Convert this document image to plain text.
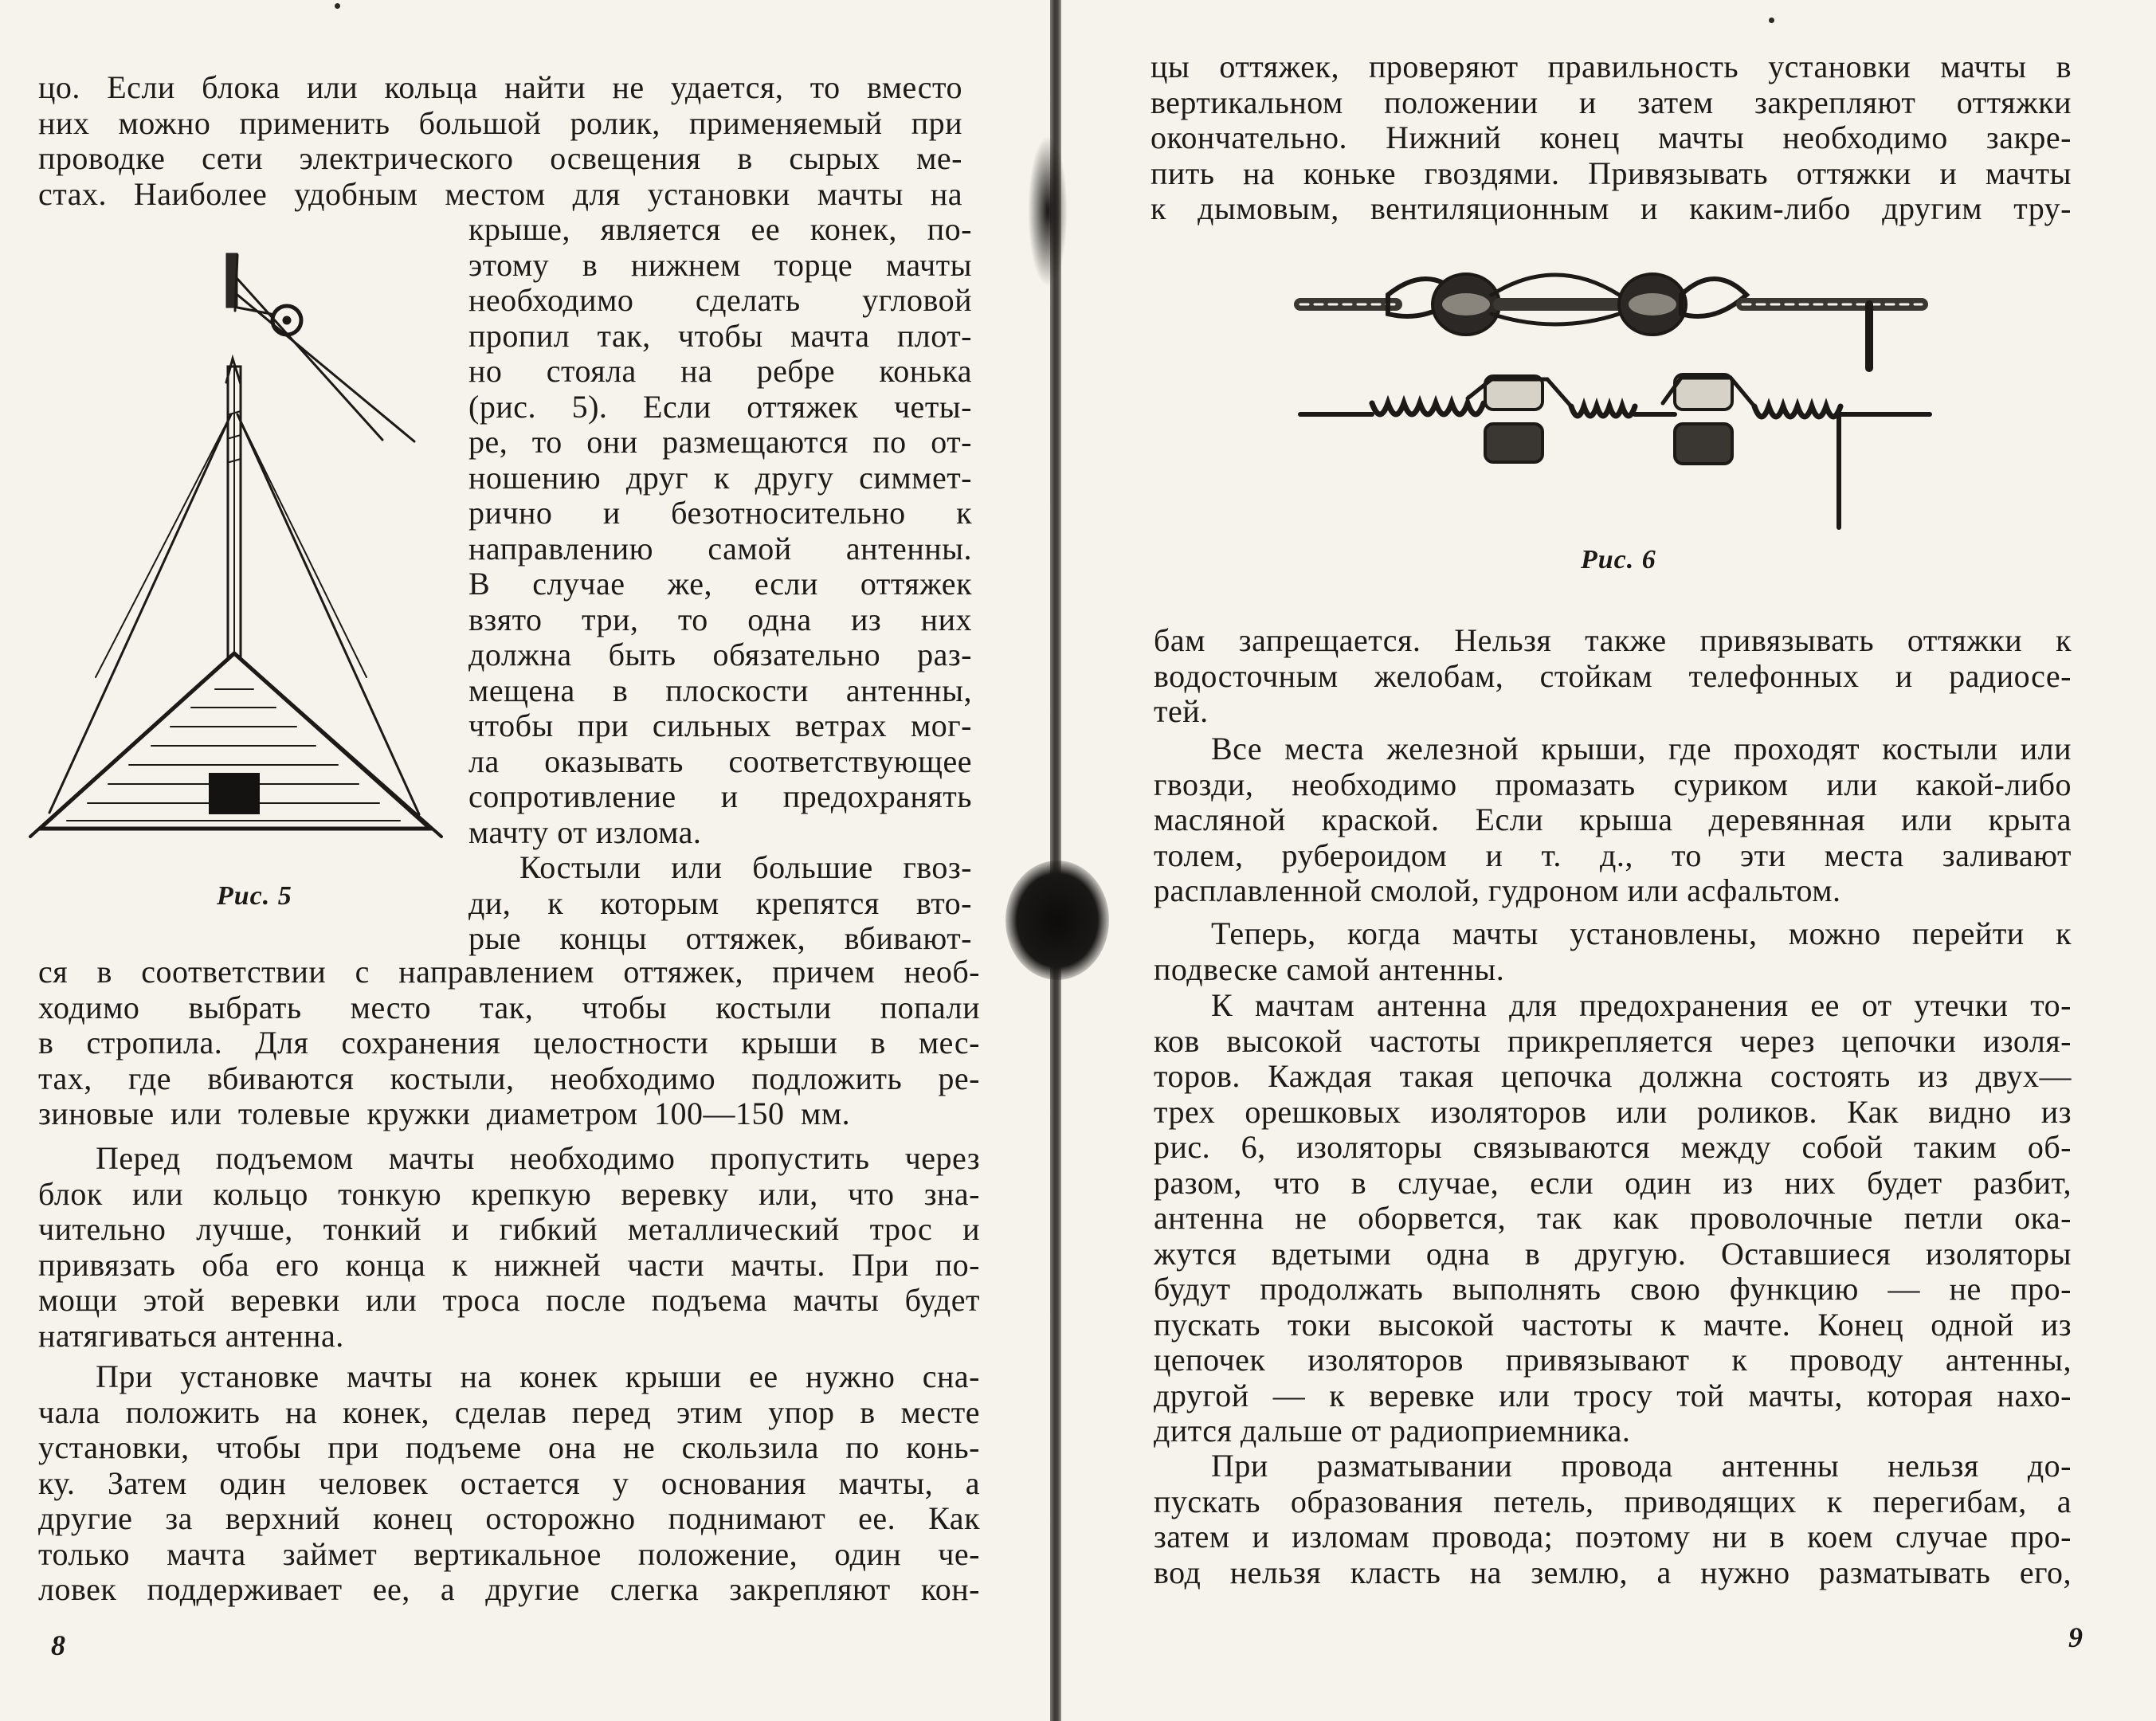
цо. Если блока или кольца найти не удается, то вместо

них можно применить большой ролик, применяемый при

проводке сети электрического освещения в сырых ме-

стах. Наиболее удобным местом для установки мачты на

крыше, является ее конек, по-

этому в нижнем торце мачты

необходимо сделать угловой

пропил так, чтобы мачта плот-

но стояла на ребре конька

(рис. 5). Если оттяжек четы-

ре, то они размещаются по от-

ношению друг к другу симмет-

рично и безотносительно к

направлению самой антенны.

В случае же, если оттяжек

взято три, то одна из них

должна быть обязательно раз-

мещена в плоскости антенны,

чтобы при сильных ветрах мог-

ла оказывать соответствующее

сопротивление и предохранять

мачту от излома.

Костыли или большие гвоз-

ди, к которым крепятся вто-

рые концы оттяжек, вбивают-

Рис. 5

ся в соответствии с направлением оттяжек, причем необ-

ходимо выбрать место так, чтобы костыли попали

в стропила. Для сохранения целостности крыши в мес-

тах, где вбиваются костыли, необходимо подложить ре-

зиновые или толевые кружки диаметром 100—150 мм.

Перед подъемом мачты необходимо пропустить через

блок или кольцо тонкую крепкую веревку или, что зна-

чительно лучше, тонкий и гибкий металлический трос и

привязать оба его конца к нижней части мачты. При по-

мощи этой веревки или троса после подъема мачты будет

натягиваться антенна.

При установке мачты на конек крыши ее нужно сна-

чала положить на конек, сделав перед этим упор в месте

установки, чтобы при подъеме она не скользила по конь-

ку. Затем один человек остается у основания мачты, а

другие за верхний конец осторожно поднимают ее. Как

только мачта займет вертикальное положение, один че-

ловек поддерживает ее, а другие слегка закрепляют кон-

8

цы оттяжек, проверяют правильность установки мачты в

вертикальном положении и затем закрепляют оттяжки

окончательно. Нижний конец мачты необходимо закре-

пить на коньке гвоздями. Привязывать оттяжки и мачты

к дымовым, вентиляционным и каким-либо другим тру-

Рис. 6

бам запрещается. Нельзя также привязывать оттяжки к

водосточным желобам, стойкам телефонных и радиосе-

тей.

Все места железной крыши, где проходят костыли или

гвозди, необходимо промазать суриком или какой-либо

масляной краской. Если крыша деревянная или крыта

толем, рубероидом и т. д., то эти места заливают

расплавленной смолой, гудроном или асфальтом.

Теперь, когда мачты установлены, можно перейти к

подвеске самой антенны.

К мачтам антенна для предохранения ее от утечки то-

ков высокой частоты прикрепляется через цепочки изоля-

торов. Каждая такая цепочка должна состоять из двух—

трех орешковых изоляторов или роликов. Как видно из

рис. 6, изоляторы связываются между собой таким об-

разом, что в случае, если один из них будет разбит,

антенна не оборвется, так как проволочные петли ока-

жутся вдетыми одна в другую. Оставшиеся изоляторы

будут продолжать выполнять свою функцию — не про-

пускать токи высокой частоты к мачте. Конец одной из

цепочек изоляторов привязывают к проводу антенны,

другой — к веревке или тросу той мачты, которая нахо-

дится дальше от радиоприемника.

При разматывании провода антенны нельзя до-

пускать образования петель, приводящих к перегибам, а

затем и изломам провода; поэтому ни в коем случае про-

вод нельзя класть на землю, а нужно разматывать его,

9
